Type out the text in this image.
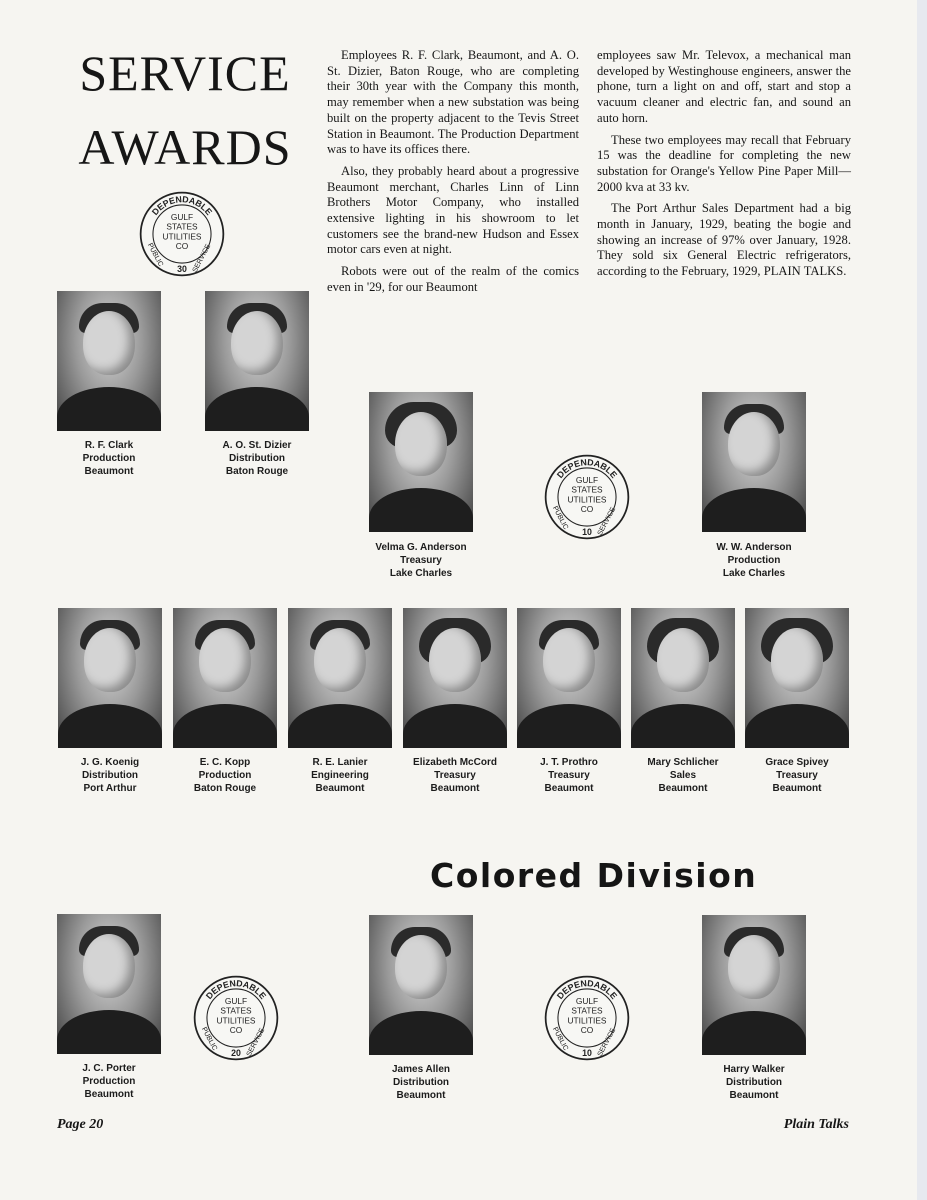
SERVICE
AWARDS

Employees R. F. Clark, Beaumont, and A. O. St. Dizier, Baton Rouge, who are completing their 30th year with the Company this month, may remember when a new substation was being built on the property adjacent to the Tevis Street Station in Beaumont. The Production Department was to have its offices there.

Also, they probably heard about a progressive Beaumont merchant, Charles Linn of Linn Brothers Motor Company, who installed extensive lighting in his showroom to let customers see the brand-new Hudson and Essex motor cars even at night.

Robots were out of the realm of the comics even in '29, for our Beaumont

employees saw Mr. Televox, a mechanical man developed by Westinghouse engineers, answer the phone, turn a light on and off, start and stop a vacuum cleaner and electric fan, and sound an auto horn.

These two employees may recall that February 15 was the deadline for completing the new substation for Orange's Yellow Pine Paper Mill—2000 kva at 33 kv.

The Port Arthur Sales Department had a big month in January, 1929, beating the bogie and showing an increase of 97% over January, 1928. They sold six General Electric refrigerators, according to the February, 1929, PLAIN TALKS.

DEPENDABLE
GULF
STATES
UTILITIES
CO
PUBLIC	SERVICE
30
DEPENDABLE
GULF
STATES
UTILITIES
CO
PUBLIC	SERVICE
10
DEPENDABLE
GULF
STATES
UTILITIES
CO
PUBLIC	SERVICE
20
DEPENDABLE
GULF
STATES
UTILITIES
CO
PUBLIC	SERVICE
10
R. F. Clark
Production
Beaumont
A. O. St. Dizier
Distribution
Baton Rouge
Velma G. Anderson
Treasury
Lake Charles
W. W. Anderson
Production
Lake Charles
J. G. Koenig
Distribution
Port Arthur
E. C. Kopp
Production
Baton Rouge
R. E. Lanier
Engineering
Beaumont
Elizabeth McCord
Treasury
Beaumont
J. T. Prothro
Treasury
Beaumont
Mary Schlicher
Sales
Beaumont
Grace Spivey
Treasury
Beaumont
Colored Division
J. C. Porter
Production
Beaumont
James Allen
Distribution
Beaumont
Harry Walker
Distribution
Beaumont
Page 20	Plain Talks
